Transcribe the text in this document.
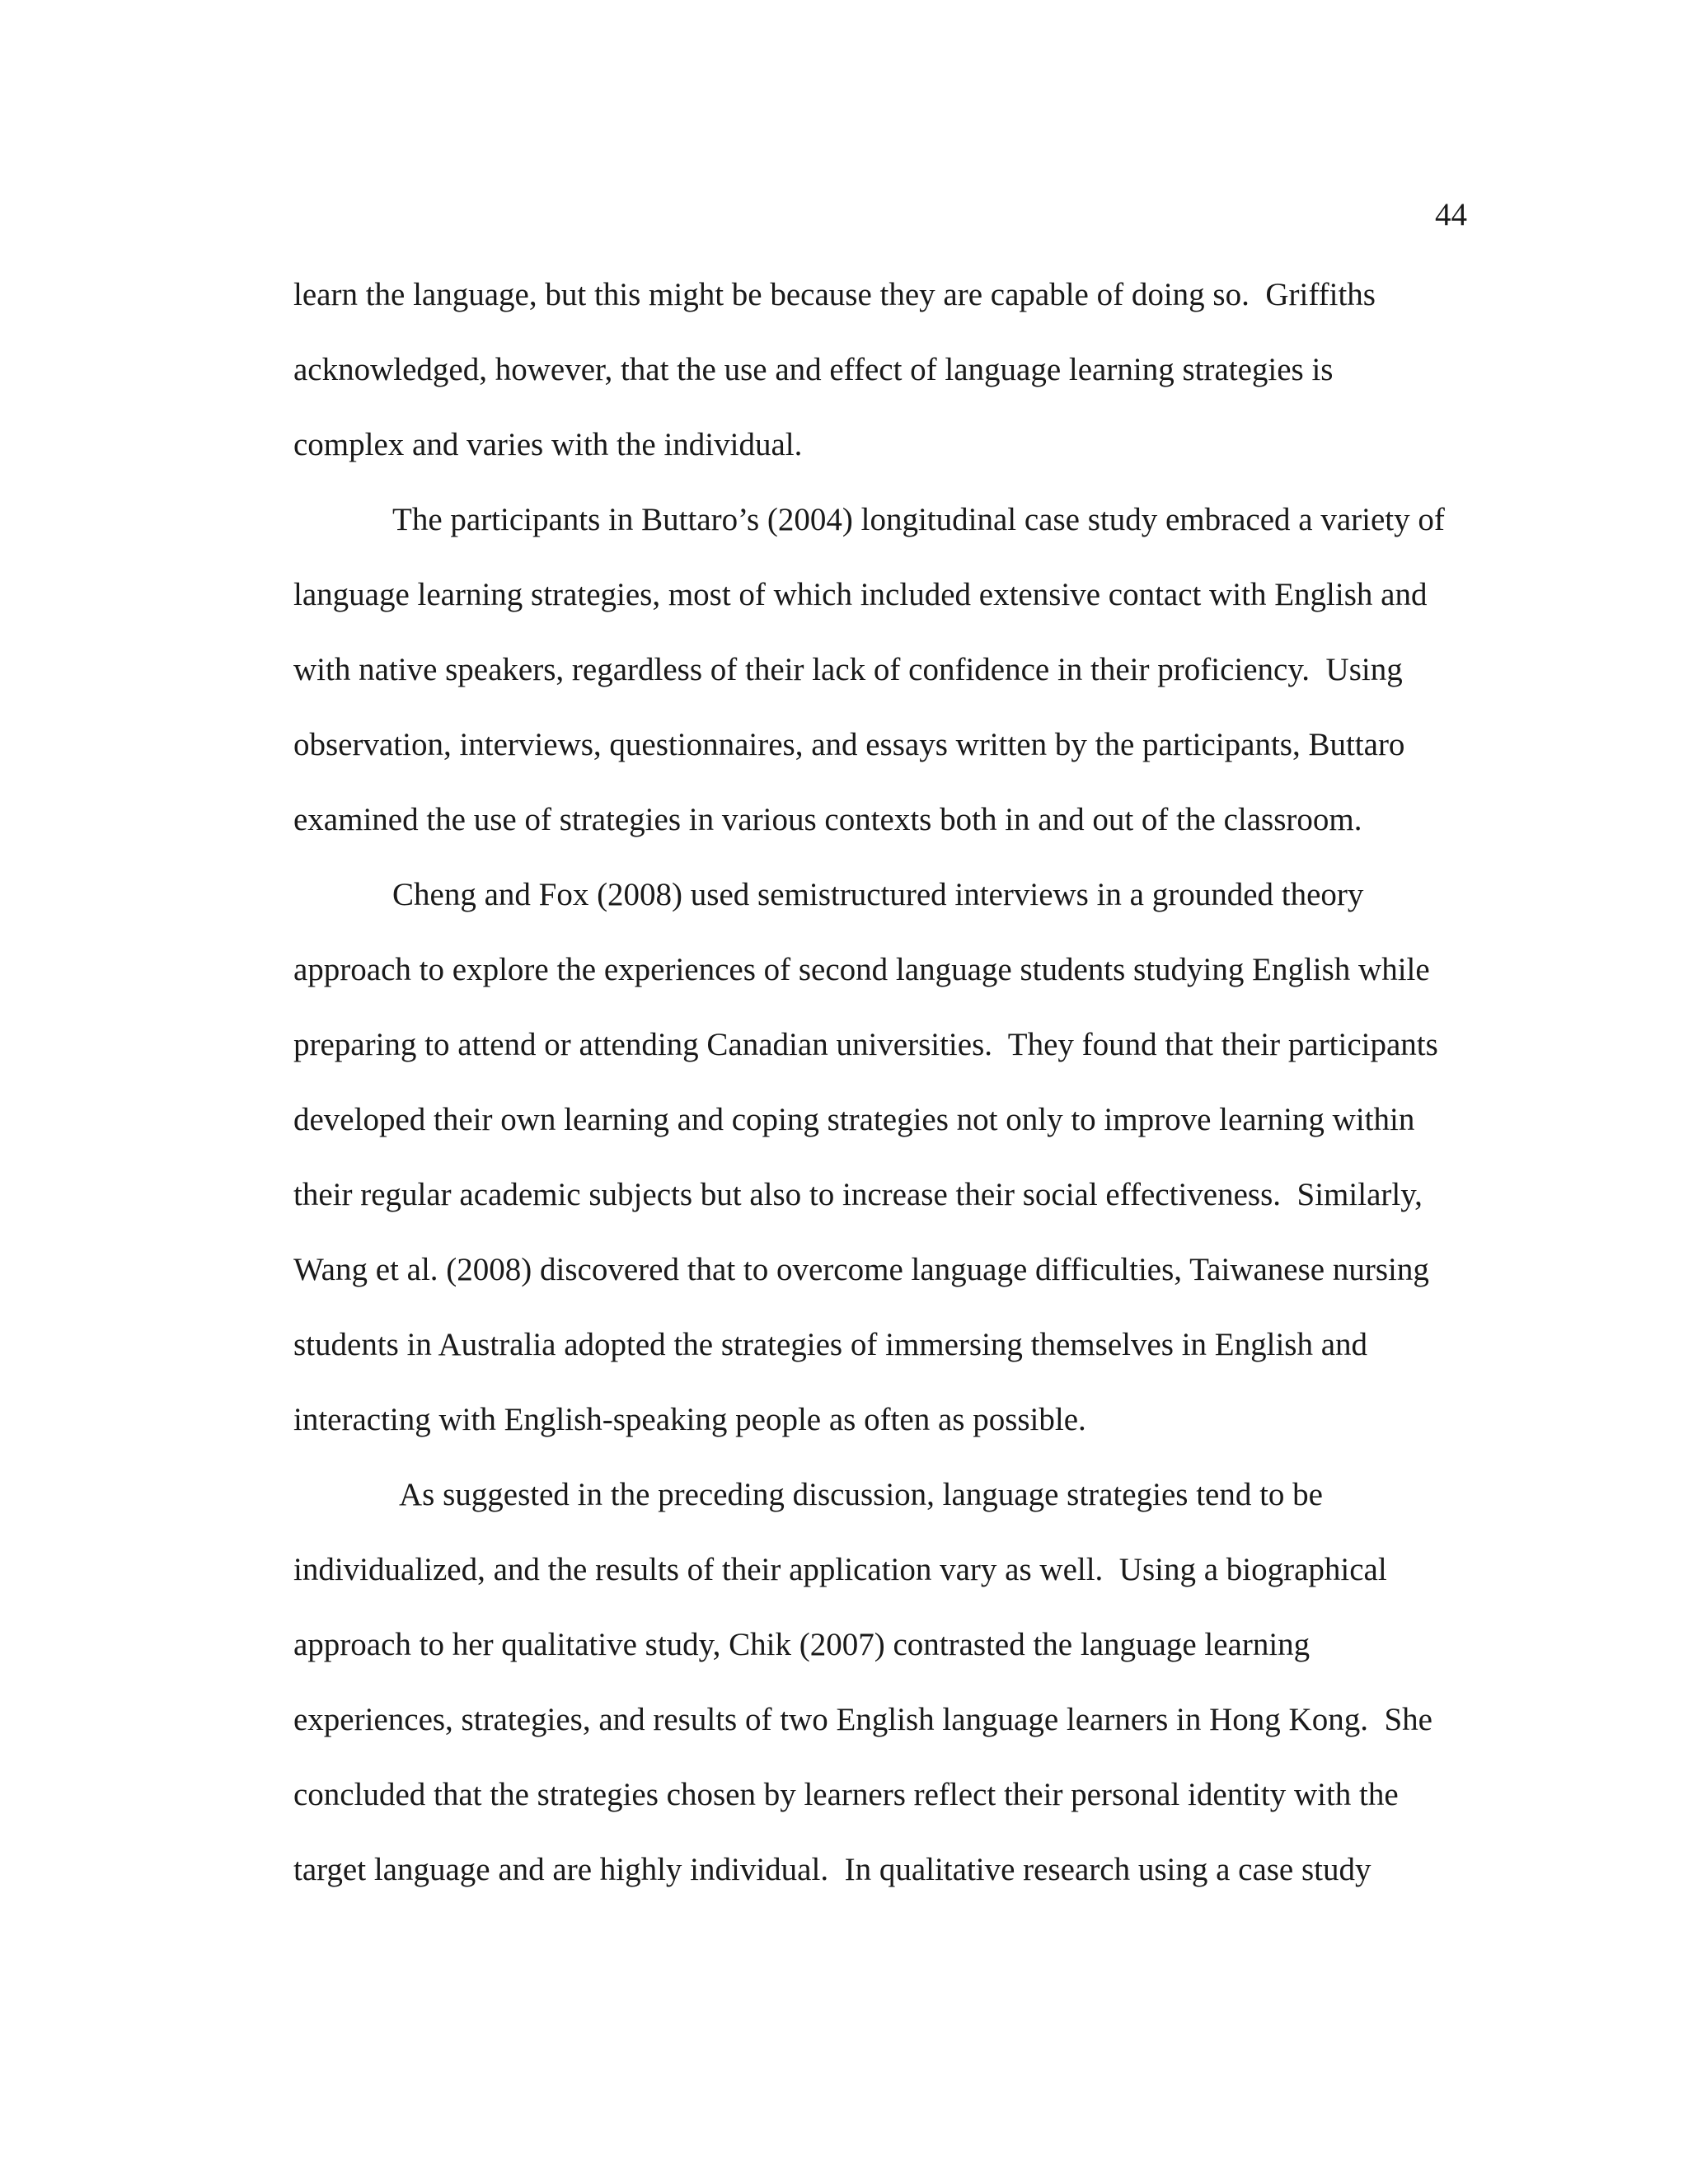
44

learn the language, but this might be because they are capable of doing so.  Griffiths

acknowledged, however, that the use and effect of language learning strategies is

complex and varies with the individual.

The participants in Buttaro’s (2004) longitudinal case study embraced a variety of

language learning strategies, most of which included extensive contact with English and

with native speakers, regardless of their lack of confidence in their proficiency.  Using

observation, interviews, questionnaires, and essays written by the participants, Buttaro

examined the use of strategies in various contexts both in and out of the classroom.

Cheng and Fox (2008) used semistructured interviews in a grounded theory

approach to explore the experiences of second language students studying English while

preparing to attend or attending Canadian universities.  They found that their participants

developed their own learning and coping strategies not only to improve learning within

their regular academic subjects but also to increase their social effectiveness.  Similarly,

Wang et al. (2008) discovered that to overcome language difficulties, Taiwanese nursing

students in Australia adopted the strategies of immersing themselves in English and

interacting with English-speaking people as often as possible.

As suggested in the preceding discussion, language strategies tend to be

individualized, and the results of their application vary as well.  Using a biographical

approach to her qualitative study, Chik (2007) contrasted the language learning

experiences, strategies, and results of two English language learners in Hong Kong.  She

concluded that the strategies chosen by learners reflect their personal identity with the

target language and are highly individual.  In qualitative research using a case study
